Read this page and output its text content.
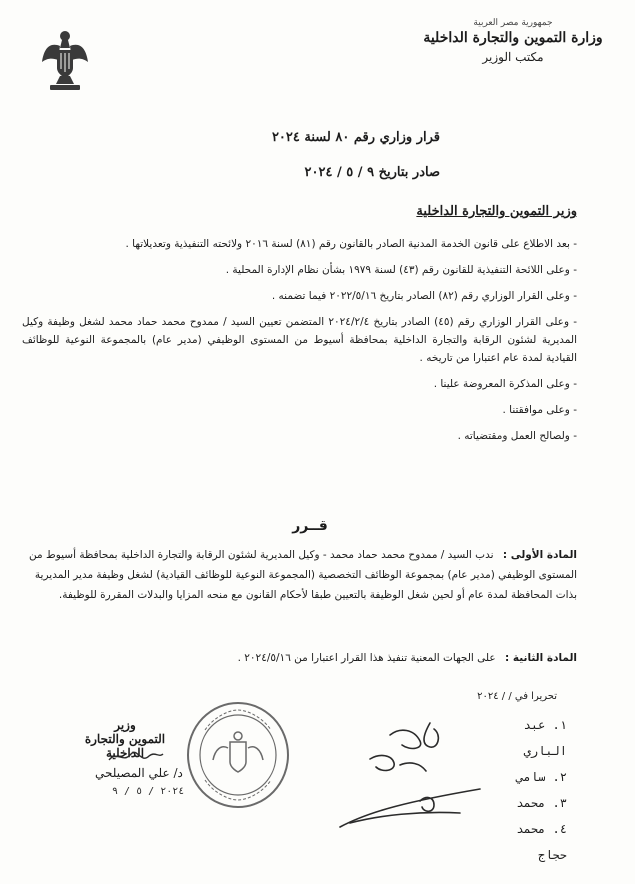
جمهورية مصر العربية
وزارة التموين والتجارة الداخلية
مكتب الوزير
قرار وزاري رقم ٨٠ لسنة ٢٠٢٤
صادر بتاريخ ٩ / ٥ / ٢٠٢٤
وزير التموين والتجارة الداخلية

- بعد الاطلاع على قانون الخدمة المدنية الصادر بالقانون رقم (٨١) لسنة ٢٠١٦ ولائحته التنفيذية وتعديلاتها .

- وعلى اللائحة التنفيذية للقانون رقم (٤٣) لسنة ١٩٧٩ بشأن نظام الإدارة المحلية .

- وعلى القرار الوزاري رقم (٨٢) الصادر بتاريخ ٢٠٢٢/٥/١٦ فيما تضمنه .

- وعلى القرار الوزاري رقم (٤٥) الصادر بتاريخ ٢٠٢٤/٢/٤ المتضمن تعيين السيد / ممدوح محمد حماد محمد لشغل وظيفة وكيل المديرية لشئون الرقابة والتجارة الداخلية بمحافظة أسيوط من المستوى الوظيفي (مدير عام) بالمجموعة النوعية للوظائف القيادية لمدة عام اعتبارا من تاريخه .

- وعلى المذكرة المعروضة علينا .

- وعلى موافقتنا .

- ولصالح العمل ومقتضياته .

قــرر
المادة الأولى : ندب السيد / ممدوح محمد حماد محمد - وكيل المديرية لشئون الرقابة والتجارة الداخلية بمحافظة أسيوط من المستوى الوظيفي (مدير عام) بمجموعة الوظائف التخصصية (المجموعة النوعية للوظائف القيادية) لشغل وظيفة مدير المديرية بذات المحافظة لمدة عام أو لحين شغل الوظيفة بالتعيين طبقا لأحكام القانون مع منحه المزايا والبدلات المقررة للوظيفة.
المادة الثانية : على الجهات المعنية تنفيذ هذا القرار اعتبارا من ٢٠٢٤/٥/١٦ .
تحريرا في / / ٢٠٢٤
١. عبد الباري
٢. سامي
٣. محمد
٤. محمد حجاج
وزير
التموين والتجارة الداخلية
د/ علي المصيلحي
٢٠٢٤ / ٥ / ٩
